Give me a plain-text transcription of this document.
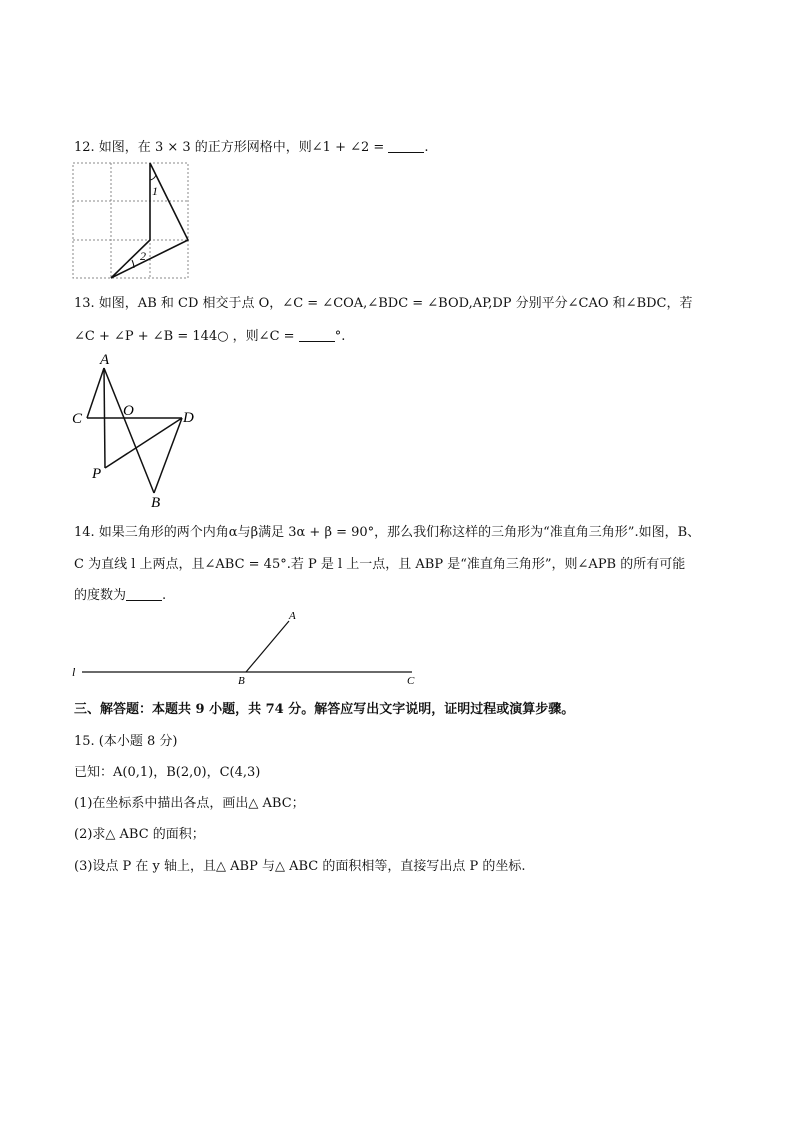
12. 如图，在 3 × 3 的正方形网格中，则∠1 + ∠2 =	.
1
2
13. 如图，AB 和 CD 相交于点 O，∠C = ∠COA,∠BDC = ∠BOD,AP,DP 分别平分∠CAO 和∠BDC，若
∠C + ∠P + ∠B = 144○ ，则∠C =	°.
A
C	O	D
P
B
14. 如果三角形的两个内角α与β满足 3α + β = 90°，那么我们称这样的三角形为“准直角三角形”.如图，B、
C 为直线 l 上两点，且∠ABC = 45°.若 P 是 l 上一点，且 ABP 是“准直角三角形”，则∠APB 的所有可能
的度数为	.
A
l
B	C
三、解答题：本题共 9 小题，共 74 分。解答应写出文字说明，证明过程或演算步骤。
15. (本小题 8 分)
已知：A(0,1)，B(2,0)，C(4,3)
(1)在坐标系中描出各点，画出△ ABC；
(2)求△ ABC 的面积；
(3)设点 P 在 y 轴上，且△ ABP 与△ ABC 的面积相等，直接写出点 P 的坐标.
